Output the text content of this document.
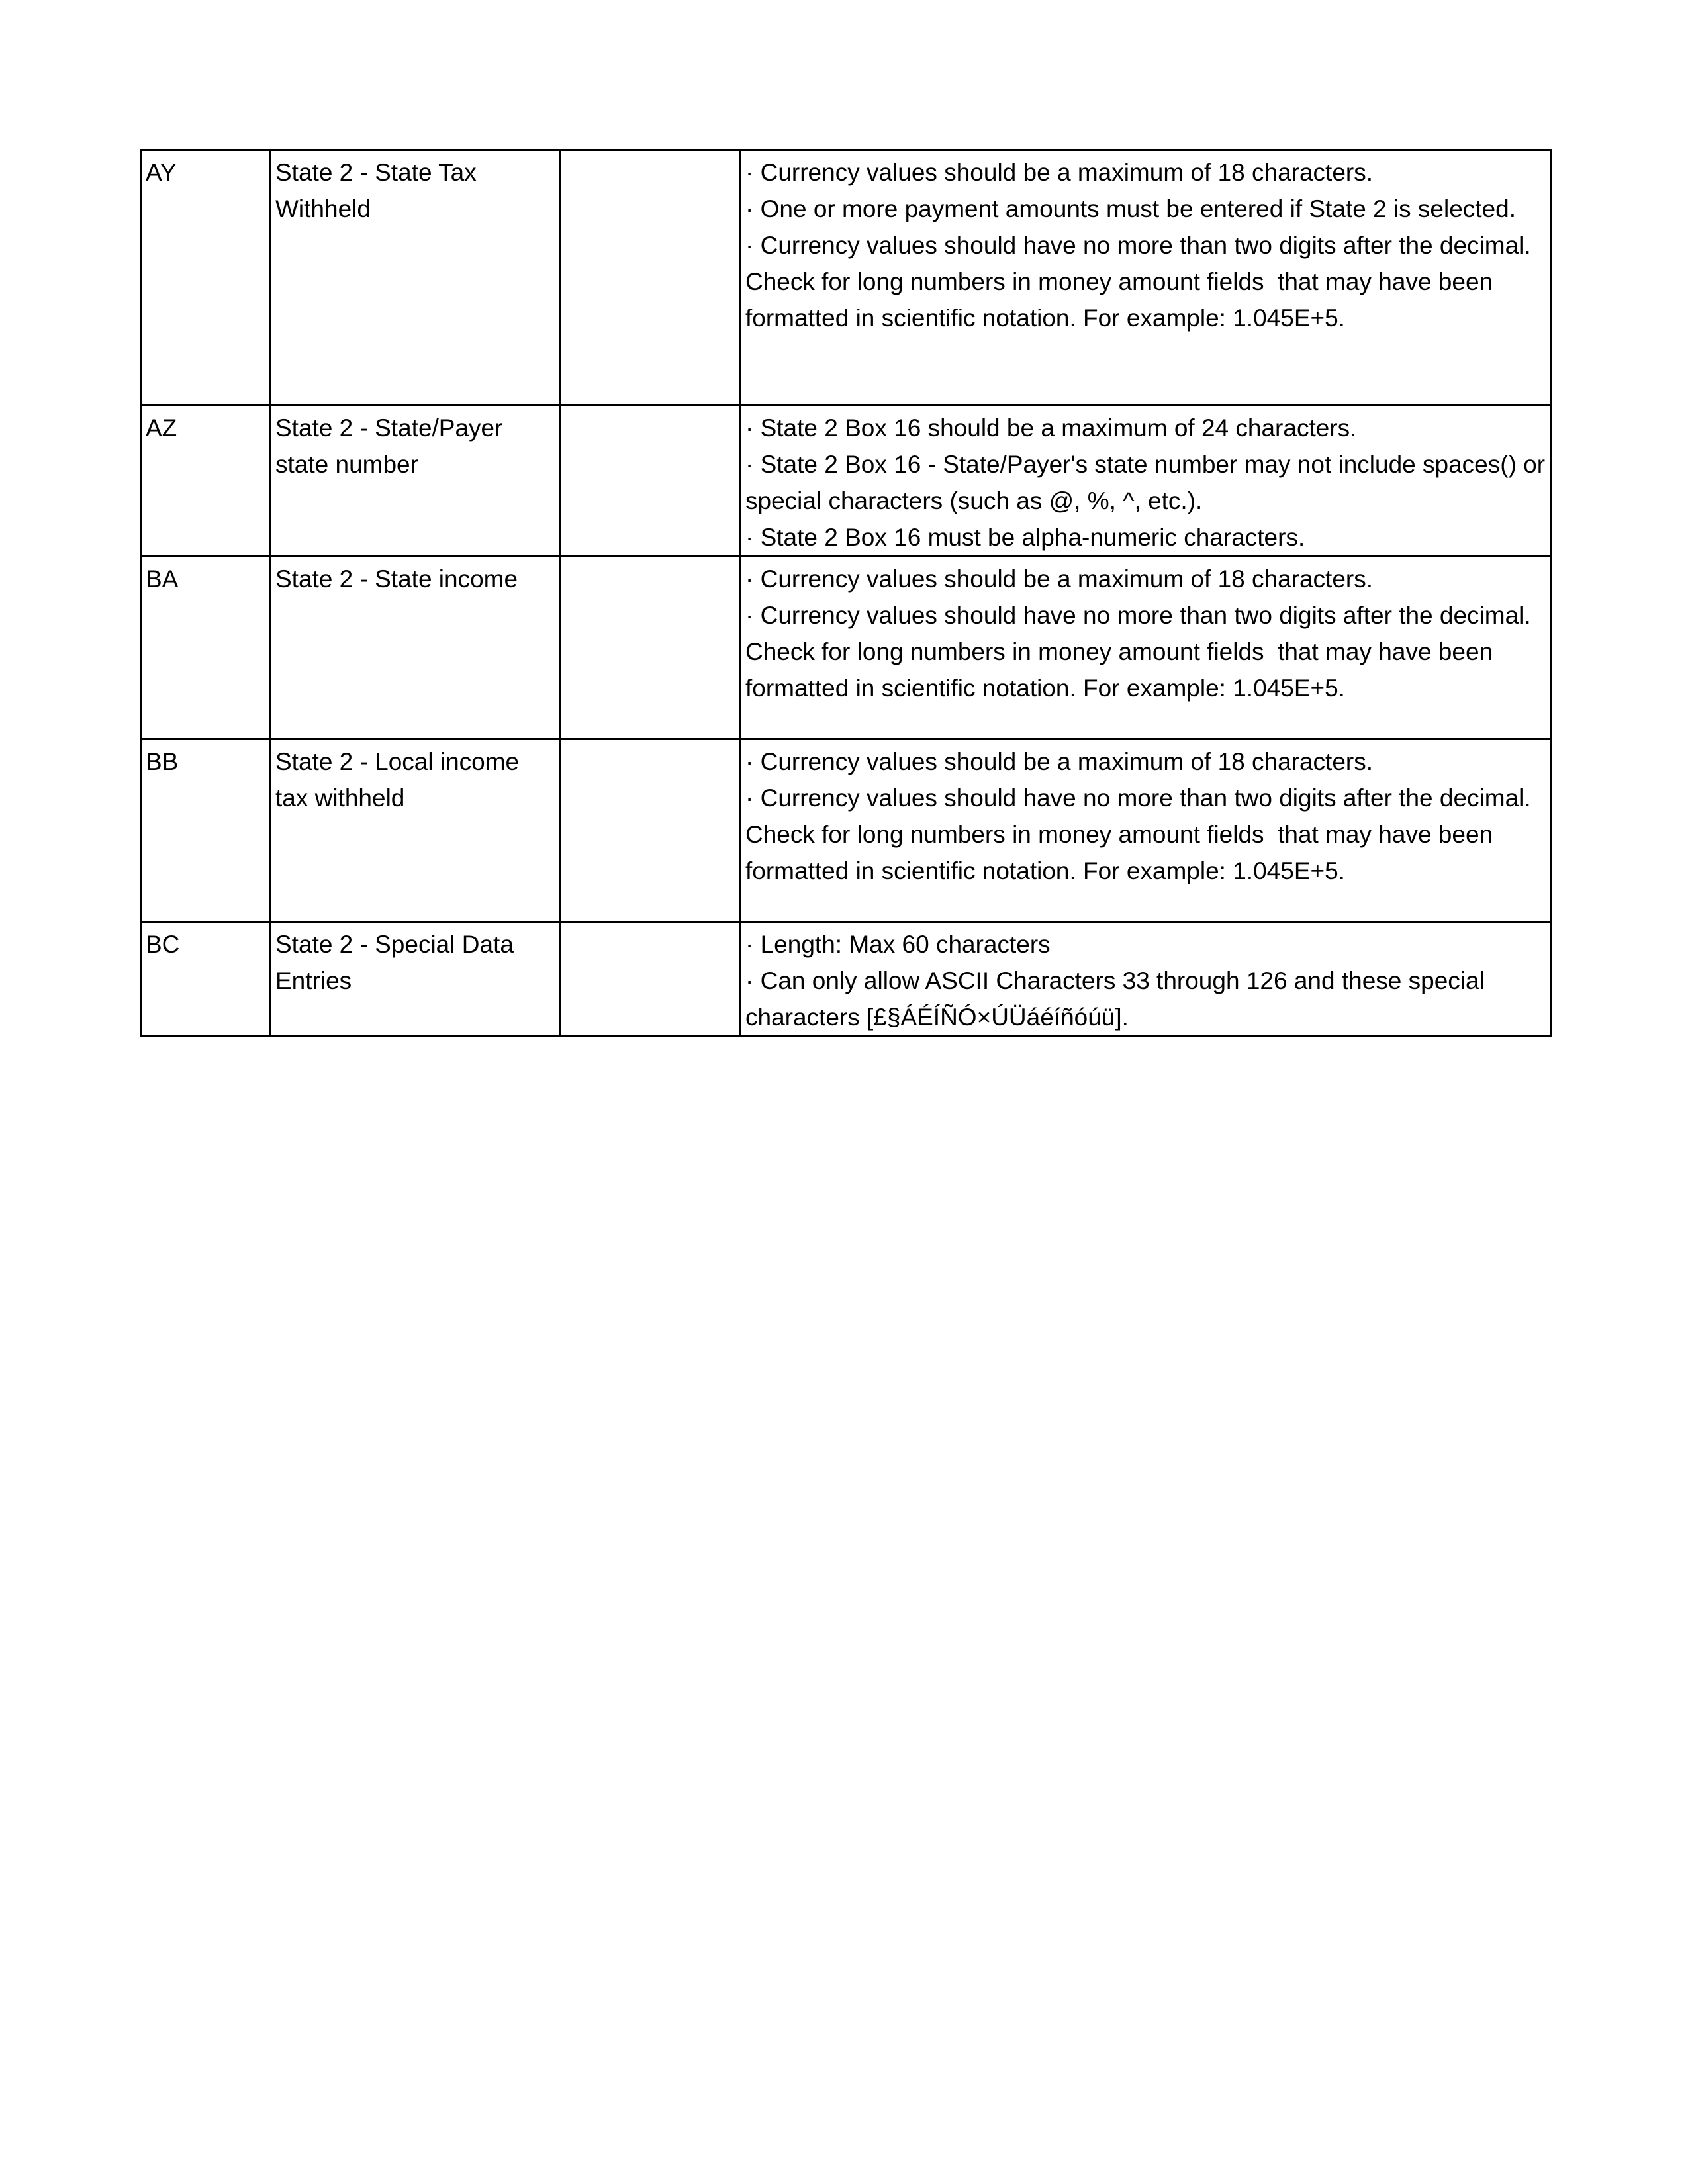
AY	State 2 - State Tax Withheld		· Currency values should be a maximum of 18 characters.
· One or more payment amounts must be entered if State 2 is selected.
· Currency values should have no more than two digits after the decimal. Check for long numbers in money amount fields  that may have been formatted in scientific notation. For example: 1.045E+5.

AZ	State 2 - State/Payer state number		· State 2 Box 16 should be a maximum of 24 characters.
· State 2 Box 16 - State/Payer's state number may not include spaces() or special characters (such as @, %, ^, etc.).
· State 2 Box 16 must be alpha-numeric characters.

BA	State 2 - State income		· Currency values should be a maximum of 18 characters.
· Currency values should have no more than two digits after the decimal. Check for long numbers in money amount fields  that may have been formatted in scientific notation. For example: 1.045E+5.

BB	State 2 - Local income tax withheld		· Currency values should be a maximum of 18 characters.
· Currency values should have no more than two digits after the decimal. Check for long numbers in money amount fields  that may have been formatted in scientific notation. For example: 1.045E+5.

BC	State 2 - Special Data Entries		· Length: Max 60 characters
· Can only allow ASCII Characters 33 through 126 and these special characters [£§ÁÉÍÑÓ×ÚÜáéíñóúü].
